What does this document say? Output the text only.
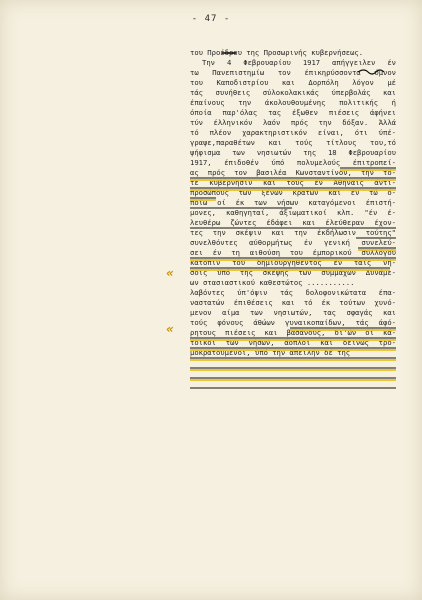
- 47 -
του Προέδρου της Προσωρινής κυβερνήσεως.
Την 4 Φεβρουαρίου 1917 απήγγειλεν έν
τω Πανεπιστημίω τον έπικηρύσσοντα ύμνον
του Καποδιστρίου και Δορπόλη λόγον μέ
τάς συνήθεις σύλοκολακικάς ύπερβολάς και
έπαίνους την άκολουθουμένης πολιτικής ή
όποία παρ'όλας τας έξωθεν πιέσεις άφήνει
τύν έλληνικόν λαόν πρός την δόξαν. Άλλά
τό πλέον χαρακτηριστικόν είναι, ότι ύπέ-
γραψε,παραθέτων και τούς τίτλους του,τό
ψήφισμα των νησιωτών της 18 Φεβρουαρίου
1917, έπιδοθέν ύπό πολυμελούς έπιτροπεί-
ας πρός τον βασιλέα Κωνσταντίνον, την τό-
τε κυβέρνησιν και τούς έν Άθήναις άντι-
προσώπους των ξένων κρατών και έν τώ ό-
ποίω οί έκ των νήσων καταγόμενοι έπιστή-
μονες, καθηγηταί, άξιωματικοί κλπ. "έν έ-
λευθέρω ζώντες έδάφει και έλεύθεραν έχον-
τες την σκέψιν και την έκδήλωσιν τούτης"
συνελθόντες αύθορμήτως έν γενική συνελεύ-
σει έν τη αιθούση του έμπορικού συλλόγου
κατόπιν του δημιουργηθέντος έν ταίς νή-
σοις ύπό της σκέψης των συμμάχων Δυνάμε-
ων στασιαστικού καθεστώτος ...........
λαβόντες ύπ'όψιν τάς δολοφονικώτατα έπα-
ναστατών έπιθέσεις και τό έκ τούτων χυνό-
μενον αίμα των νησιωτών, τας σφαγάς και
τούς φόνους άθώων γυναικοπαίδων, τάς άφό-
ρητους πιέσεις και βασάνους, δι'ών οί κά-
τοικοι των νήσων, άοπλοι και δεινώς τρο-
μοκρατούμενοι, ύπό την άπειλήν δέ της
«
«
